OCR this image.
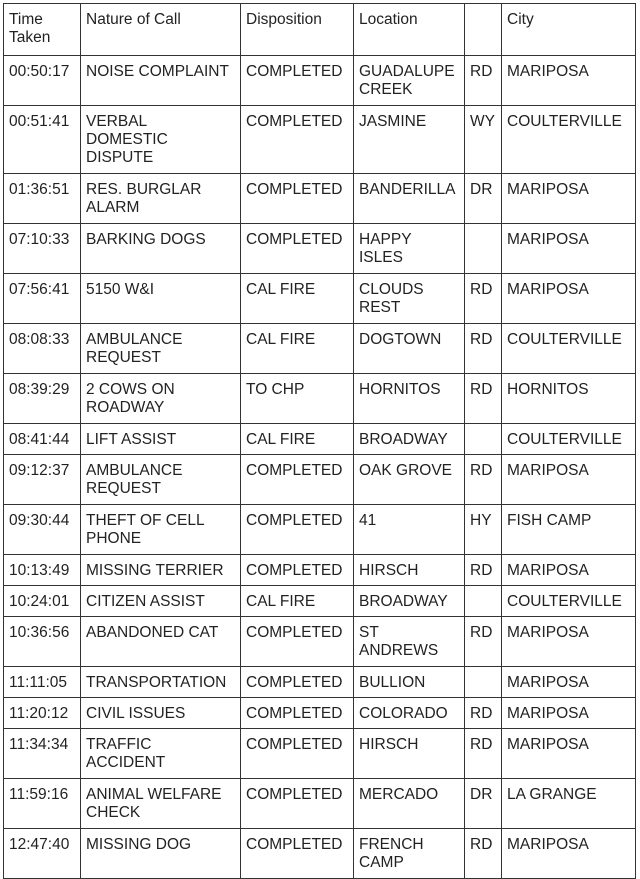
Time
Taken	Nature of Call	Disposition	Location		City
00:50:17	NOISE COMPLAINT	COMPLETED	GUADALUPE
CREEK	RD	MARIPOSA
00:51:41	VERBAL
DOMESTIC
DISPUTE	COMPLETED	JASMINE	WY	COULTERVILLE
01:36:51	RES. BURGLAR
ALARM	COMPLETED	BANDERILLA	DR	MARIPOSA
07:10:33	BARKING DOGS	COMPLETED	HAPPY
ISLES		MARIPOSA
07:56:41	5150 W&I	CAL FIRE	CLOUDS
REST	RD	MARIPOSA
08:08:33	AMBULANCE
REQUEST	CAL FIRE	DOGTOWN	RD	COULTERVILLE
08:39:29	2 COWS ON
ROADWAY	TO CHP	HORNITOS	RD	HORNITOS
08:41:44	LIFT ASSIST	CAL FIRE	BROADWAY		COULTERVILLE
09:12:37	AMBULANCE
REQUEST	COMPLETED	OAK GROVE	RD	MARIPOSA
09:30:44	THEFT OF CELL
PHONE	COMPLETED	41	HY	FISH CAMP
10:13:49	MISSING TERRIER	COMPLETED	HIRSCH	RD	MARIPOSA
10:24:01	CITIZEN ASSIST	CAL FIRE	BROADWAY		COULTERVILLE
10:36:56	ABANDONED CAT	COMPLETED	ST
ANDREWS	RD	MARIPOSA
11:11:05	TRANSPORTATION	COMPLETED	BULLION		MARIPOSA
11:20:12	CIVIL ISSUES	COMPLETED	COLORADO	RD	MARIPOSA
11:34:34	TRAFFIC
ACCIDENT	COMPLETED	HIRSCH	RD	MARIPOSA
11:59:16	ANIMAL WELFARE
CHECK	COMPLETED	MERCADO	DR	LA GRANGE
12:47:40	MISSING DOG	COMPLETED	FRENCH
CAMP	RD	MARIPOSA
